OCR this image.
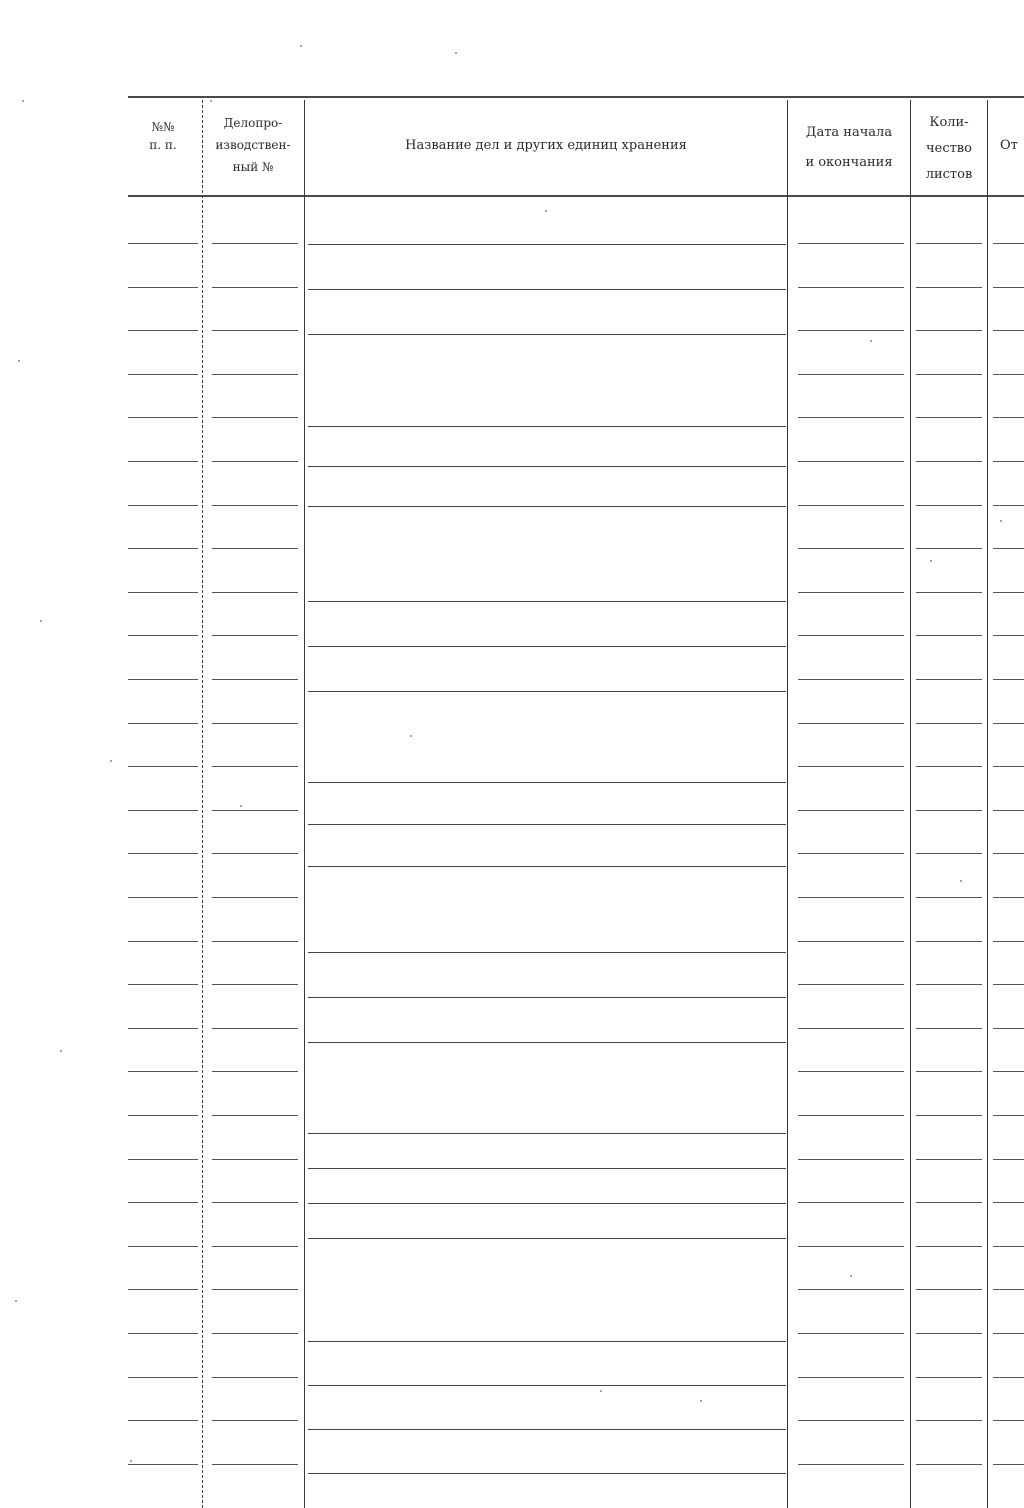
№№
п. п.
Делопро-
изводствен-
ный №
Название дел и других единиц хранения
Дата начала
и окончания
Коли-
чество
листов
От
